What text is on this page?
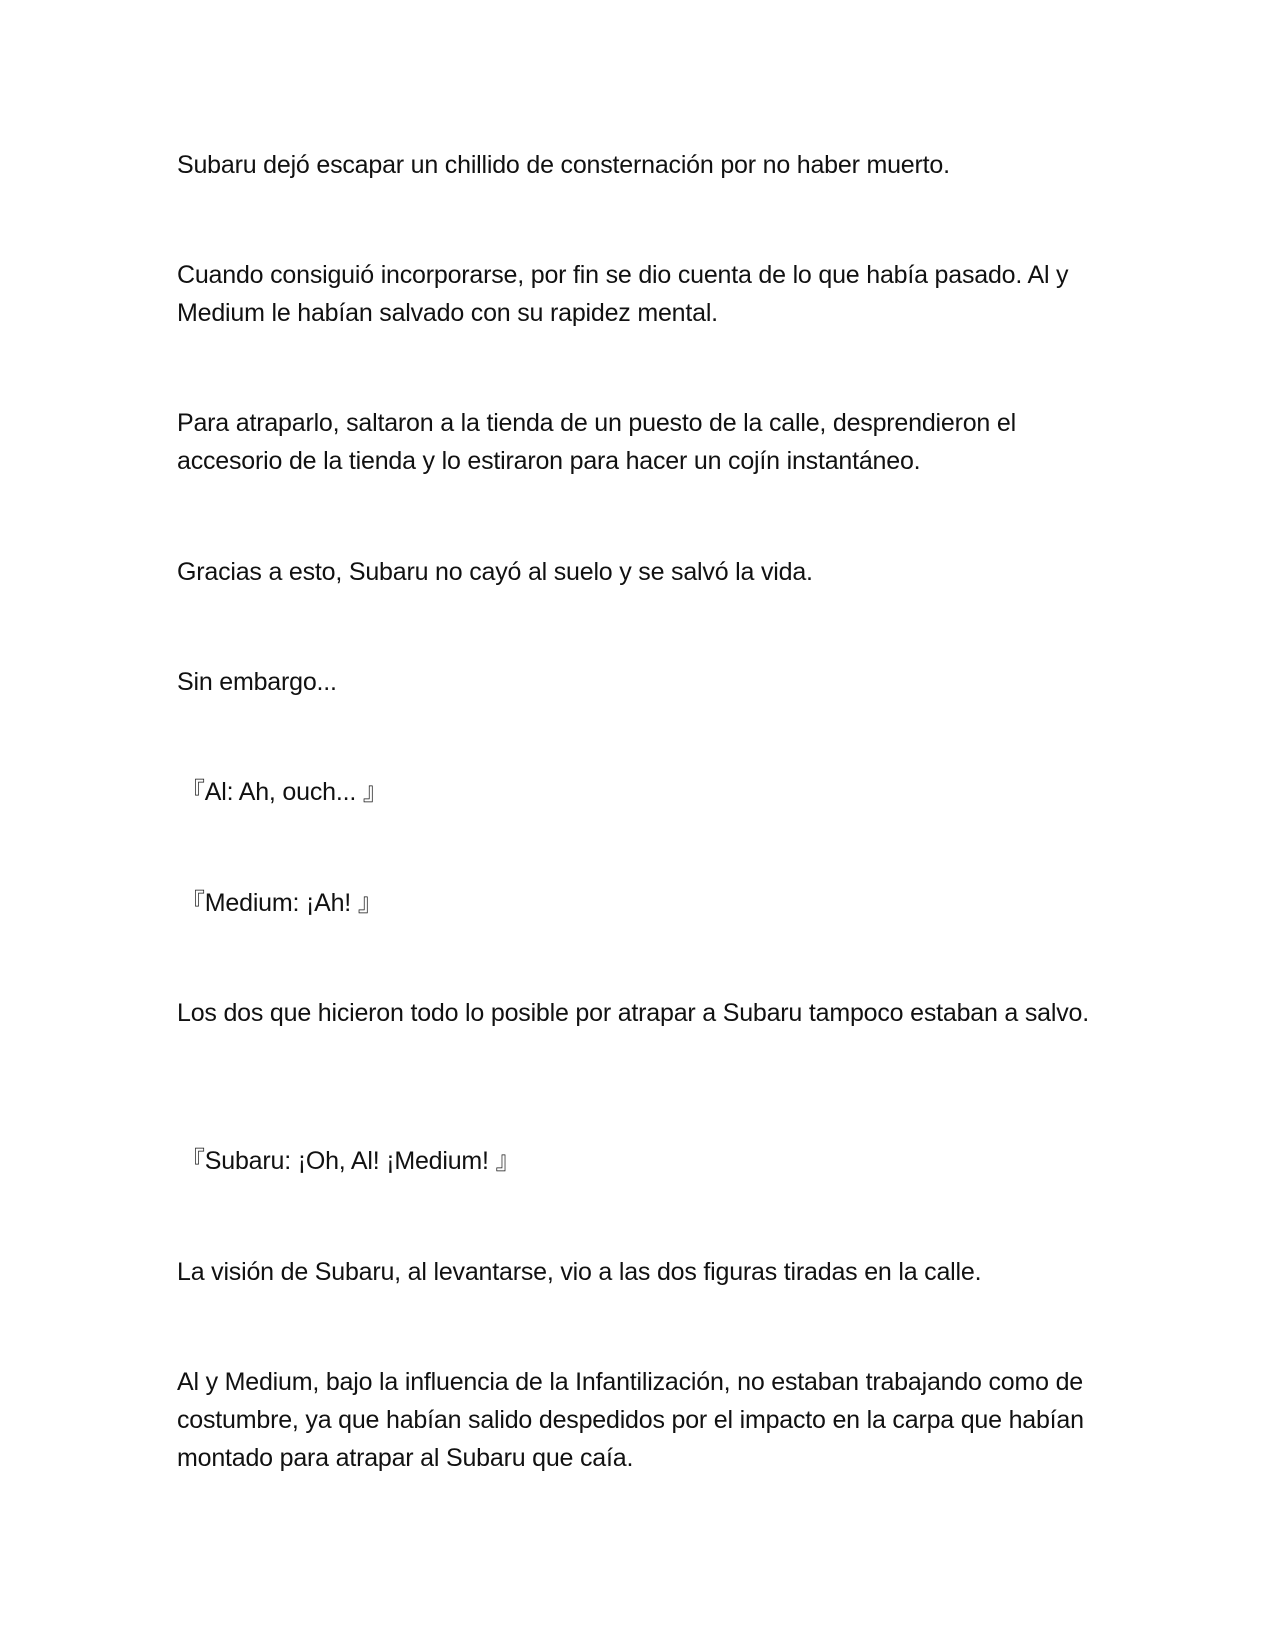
Subaru dejó escapar un chillido de consternación por no haber muerto.

Cuando consiguió incorporarse, por fin se dio cuenta de lo que había pasado. Al y Medium le habían salvado con su rapidez mental.

Para atraparlo, saltaron a la tienda de un puesto de la calle, desprendieron el accesorio de la tienda y lo estiraron para hacer un cojín instantáneo.

Gracias a esto, Subaru no cayó al suelo y se salvó la vida.

Sin embargo...

『Al: Ah, ouch... 』

『Medium: ¡Ah! 』

Los dos que hicieron todo lo posible por atrapar a Subaru tampoco estaban a salvo.

『Subaru: ¡Oh, Al! ¡Medium! 』

La visión de Subaru, al levantarse, vio a las dos figuras tiradas en la calle.

Al y Medium, bajo la influencia de la Infantilización, no estaban trabajando como de costumbre, ya que habían salido despedidos por el impacto en la carpa que habían montado para atrapar al Subaru que caía.
